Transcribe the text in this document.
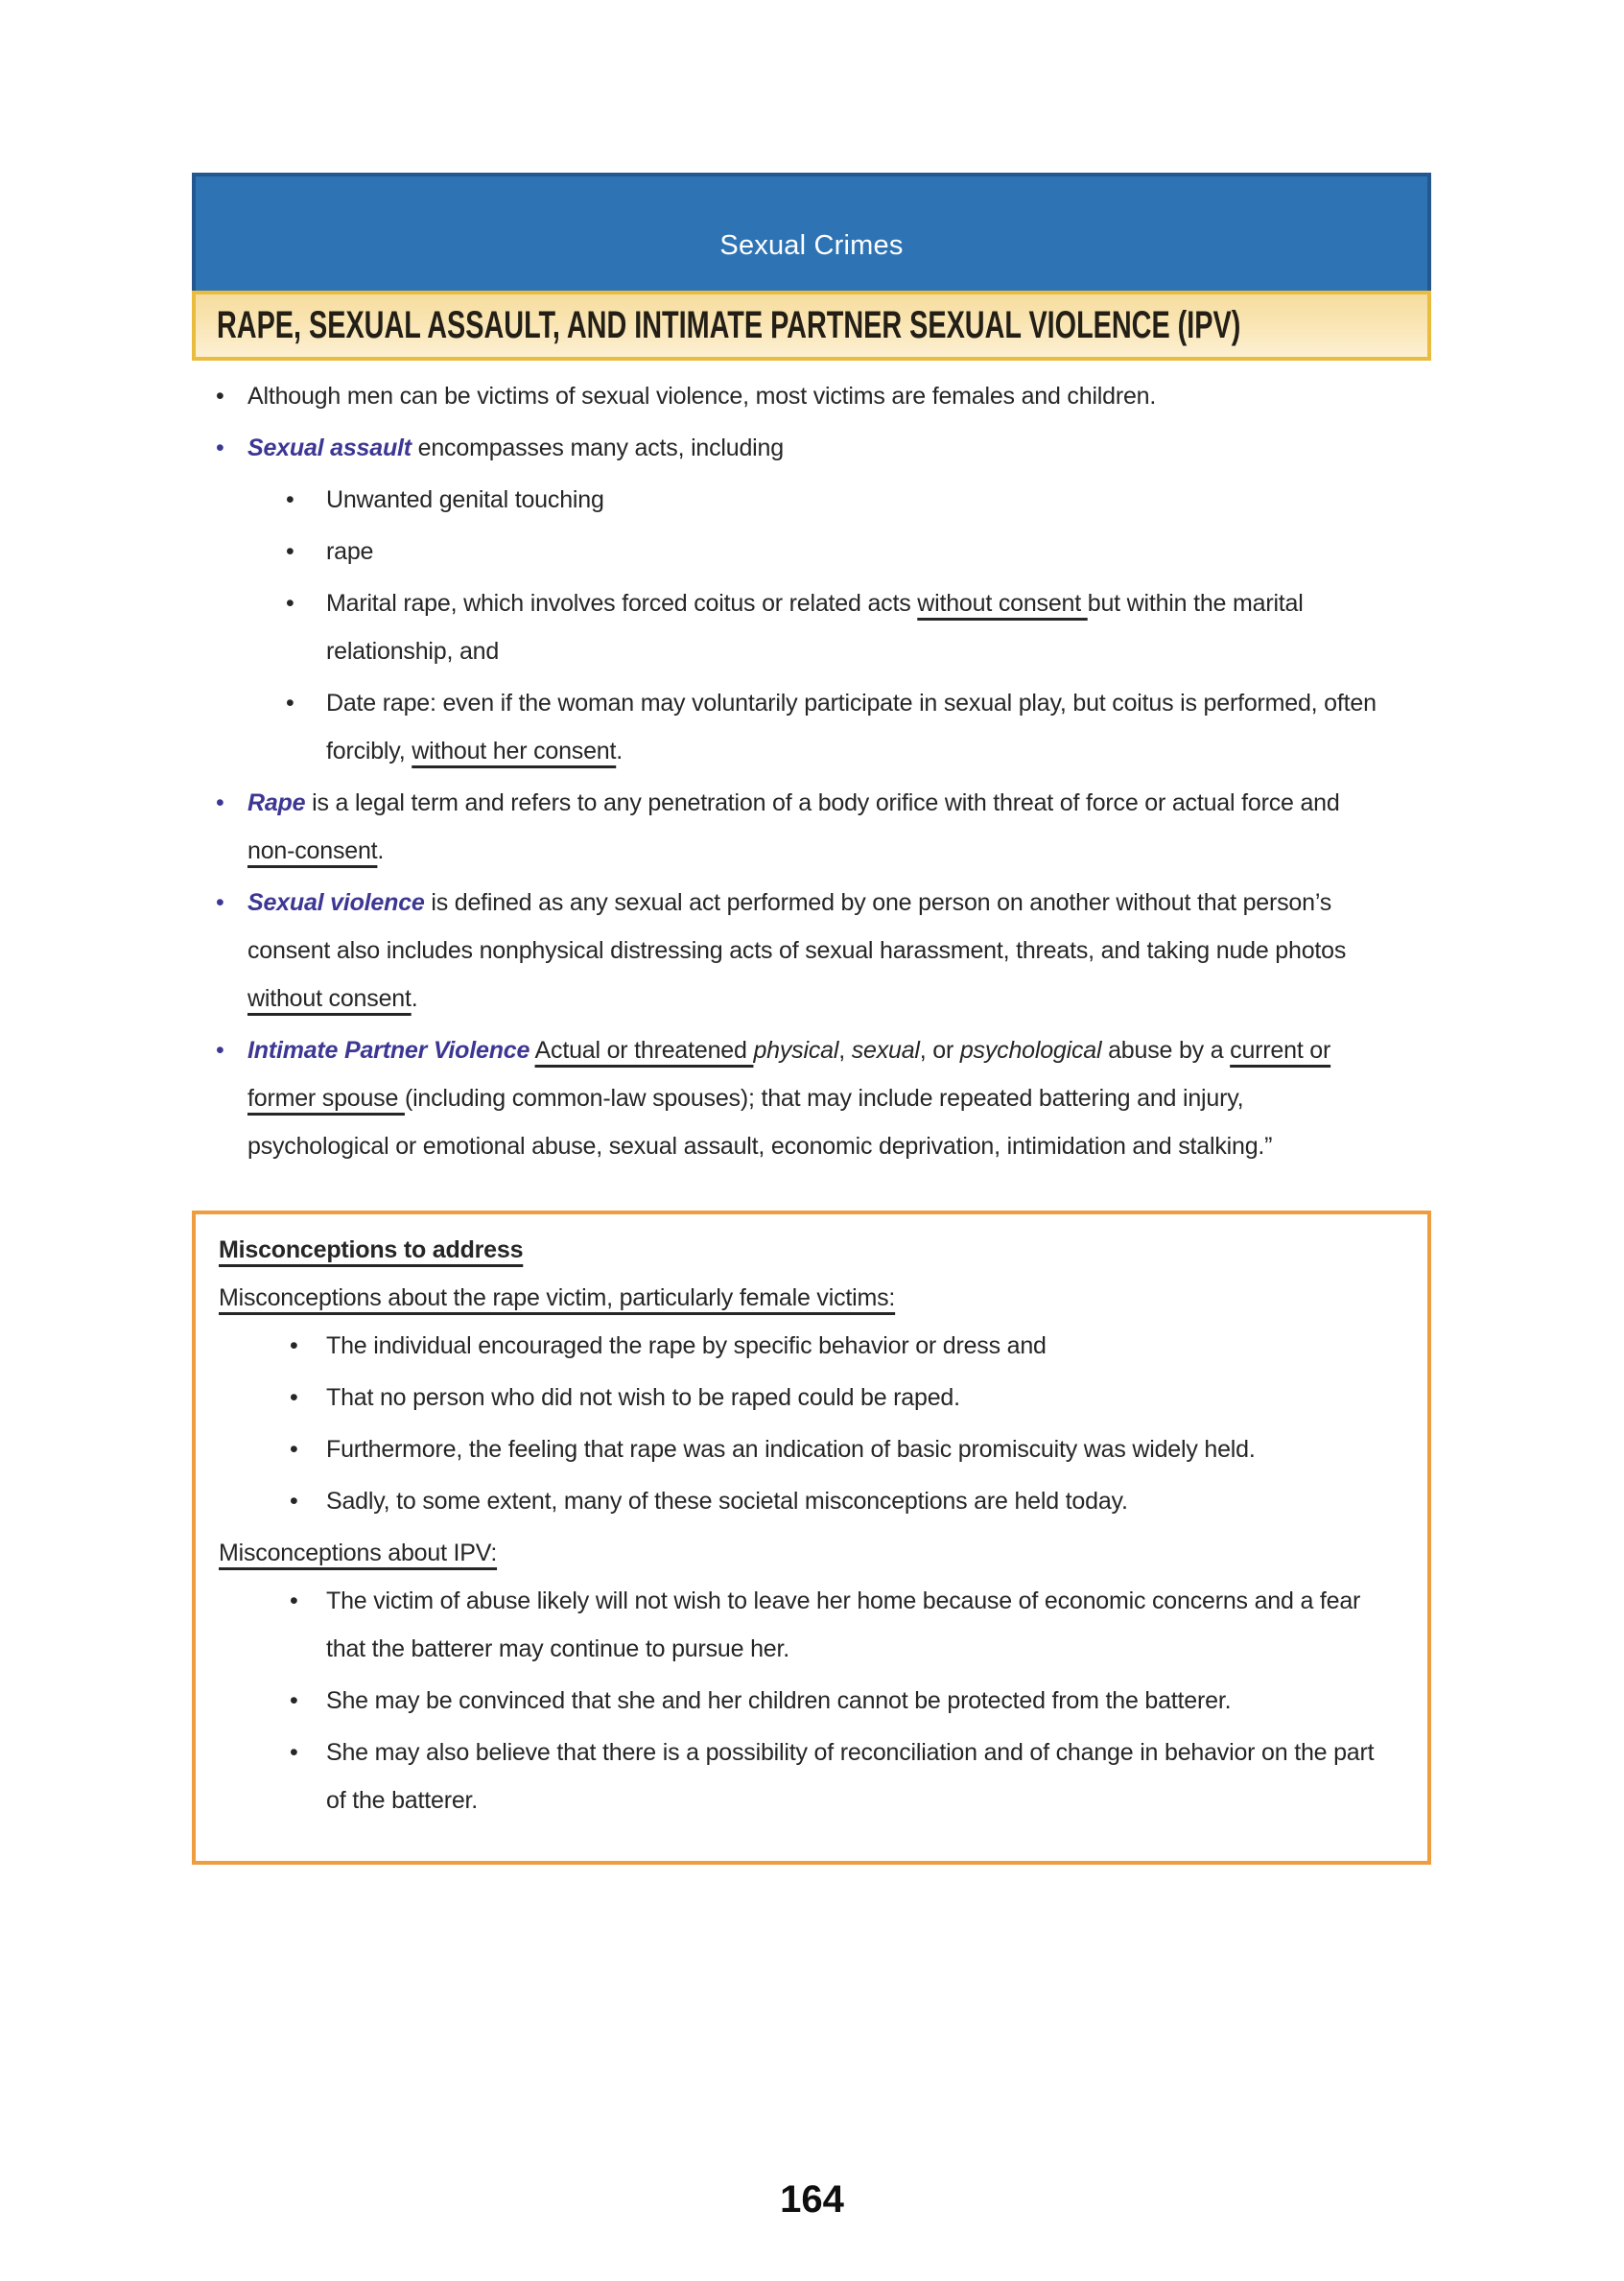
Sexual Crimes
RAPE, SEXUAL ASSAULT, AND INTIMATE PARTNER SEXUAL VIOLENCE (IPV)
• Although men can be victims of sexual violence, most victims are females and children.
• Sexual assault encompasses many acts, including
•	Unwanted genital touching
•	rape
•	Marital rape, which involves forced coitus or related acts without consent but within the marital relationship, and
•	Date rape: even if the woman may voluntarily participate in sexual play, but coitus is performed, often forcibly, without her consent.
• Rape is a legal term and refers to any penetration of a body orifice with threat of force or actual force and non-consent.
• Sexual violence is defined as any sexual act performed by one person on another without that person’s consent also includes nonphysical distressing acts of sexual harassment, threats, and taking nude photos without consent.
• Intimate Partner Violence Actual or threatened physical, sexual, or psychological abuse by a current or former spouse (including common-law spouses); that may include repeated battering and injury, psychological or emotional abuse, sexual assault, economic deprivation, intimidation and stalking.”
Misconceptions to address
Misconceptions about the rape victim, particularly female victims:
•	The individual encouraged the rape by specific behavior or dress and
•	That no person who did not wish to be raped could be raped.
•	Furthermore, the feeling that rape was an indication of basic promiscuity was widely held.
•	Sadly, to some extent, many of these societal misconceptions are held today.
Misconceptions about IPV:
•	The victim of abuse likely will not wish to leave her home because of economic concerns and a fear that the batterer may continue to pursue her.
•	She may be convinced that she and her children cannot be protected from the batterer.
•	She may also believe that there is a possibility of reconciliation and of change in behavior on the part of the batterer.
164
